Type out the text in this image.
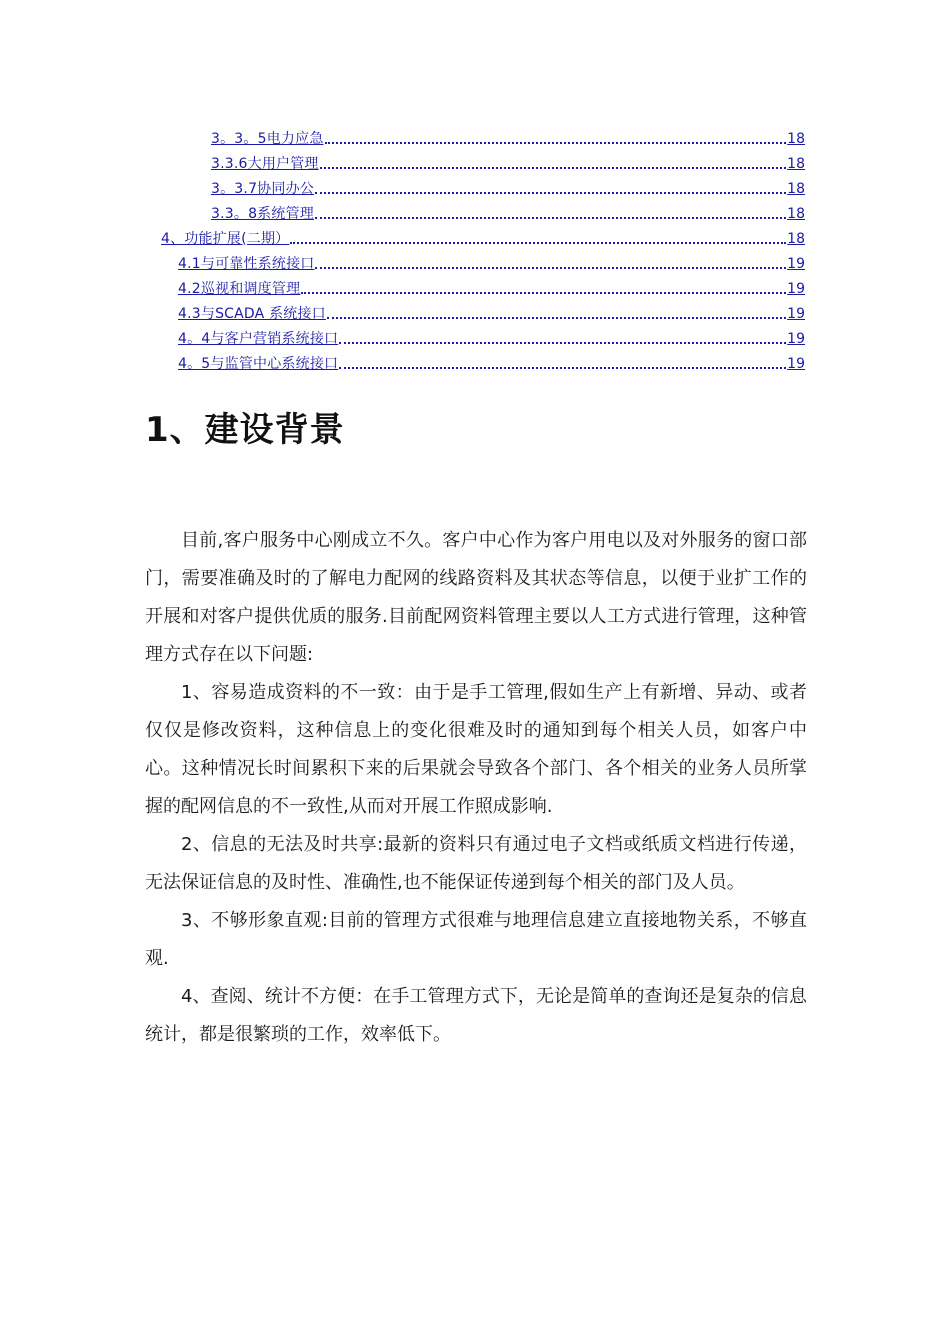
3。3。5电力应急	18
3.3.6大用户管理	18
3。3.7协同办公	18
3.3。8系统管理	18
4、功能扩展(二期）	18
4.1与可靠性系统接口	19
4.2巡视和调度管理	19
4.3与SCADA 系统接口	19
4。4与客户营销系统接口	19
4。5与监管中心系统接口	19
1、建设背景

目前,客户服务中心刚成立不久。客户中心作为客户用电以及对外服务的窗口部门，需要准确及时的了解电力配网的线路资料及其状态等信息，以便于业扩工作的开展和对客户提供优质的服务.目前配网资料管理主要以人工方式进行管理，这种管理方式存在以下问题:

1、容易造成资料的不一致：由于是手工管理,假如生产上有新增、异动、或者仅仅是修改资料，这种信息上的变化很难及时的通知到每个相关人员，如客户中心。这种情况长时间累积下来的后果就会导致各个部门、各个相关的业务人员所掌握的配网信息的不一致性,从而对开展工作照成影响.

2、信息的无法及时共享:最新的资料只有通过电子文档或纸质文档进行传递，无法保证信息的及时性、准确性,也不能保证传递到每个相关的部门及人员。

3、不够形象直观:目前的管理方式很难与地理信息建立直接地物关系，不够直观.

4、查阅、统计不方便：在手工管理方式下，无论是简单的查询还是复杂的信息统计，都是很繁琐的工作，效率低下。
